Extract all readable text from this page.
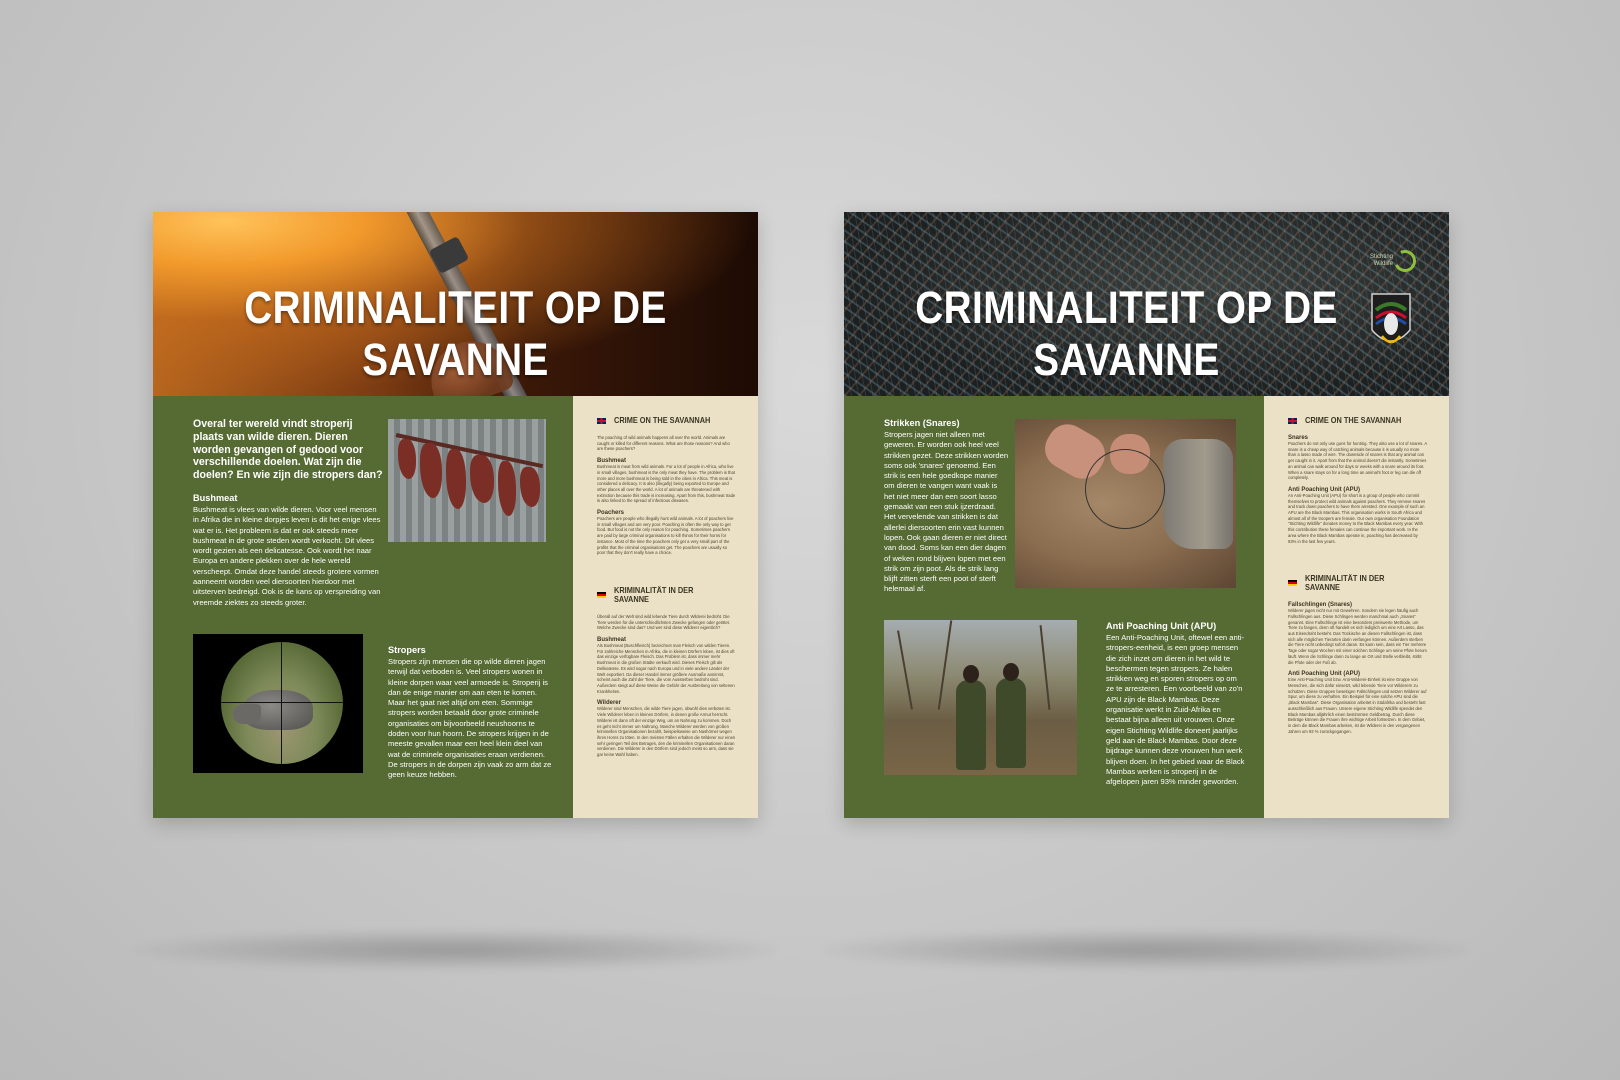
CRIMINALITEIT OP DE SAVANNE
Overal ter wereld vindt stroperij plaats van wilde dieren. Dieren worden gevangen of gedood voor verschillende doelen. Wat zijn die doelen? En wie zijn die stropers dan?
Bushmeat
Bushmeat is vlees van wilde dieren. Voor veel mensen in Afrika die in kleine dorpjes leven is dit het enige vlees wat er is. Het probleem is dat er ook steeds meer bushmeat in de grote steden wordt verkocht. Dit vlees wordt gezien als een delicatesse. Ook wordt het naar Europa en andere plekken over de hele wereld verscheept. Omdat deze handel steeds grotere vormen aanneemt worden veel diersoorten hierdoor met uitsterven bedreigd. Ook is de kans op verspreiding van vreemde ziektes zo steeds groter.
Stropers
Stropers zijn mensen die op wilde dieren jagen terwijl dat verboden is. Veel stropers wonen in kleine dorpen waar veel armoede is. Stroperij is dan de enige manier om aan eten te komen. Maar het gaat niet altijd om eten. Sommige stropers worden betaald door grote criminele organisaties om bijvoorbeeld neushoorns te doden voor hun hoorn. De stropers krijgen in de meeste gevallen maar een heel klein deel van wat de criminele organisaties eraan verdienen. De stropers in de dorpen zijn vaak zo arm dat ze geen keuze hebben.
CRIME ON THE SAVANNAH
The poaching of wild animals happens all over the world. Animals are caught or killed for different reasons. What are those reasons? And who are these poachers?
Bushmeat
Bushmeat is meat from wild animals. For a lot of people in Africa, who live in small villages, bushmeat is the only meat they have. The problem is that more and more bushmeat is being sold in the cities in Africa. This meat is considered a delicacy. It is also (illegally) being exported to Europe and other places all over the world. A lot of animals are threatened with extinction because this trade is increasing. Apart from this, bushmeat trade is also linked to the spread of infectious diseases.
Poachers
Poachers are people who illegally hunt wild animals. A lot of poachers live in small villages and are very poor. Poaching is often the only way to get food. But food is not the only reason for poaching. Sometimes poachers are paid by large criminal organisations to kill rhinos for their horns for instance. Most of the time the poachers only get a very small part of the profits that the criminal organisations get. The poachers are usually so poor that they don't really have a choice.
KRIMINALITÄT IN DER SAVANNE
Überall auf der Welt sind wild lebende Tiere durch Wilderei bedroht. Die Tiere werden für die unterschiedlichsten Zwecke gefangen oder getötet. Welche Zwecke sind das? Und wer sind diese Wilderer eigentlich?
Bushmeat
Als Bushmeat (Buschfleisch) bezeichnet man Fleisch von wilden Tieren. Für zahlreiche Menschen in Afrika, die in kleinen Dörfern leben, ist dies oft das einzige verfügbare Fleisch. Das Problem ist, dass immer mehr Bushmeat in die großen Städte verkauft wird. Dieses Fleisch gilt als Delikatesse. Es wird sogar nach Europa und in viele andere Länder der Welt exportiert. Da dieser Handel immer größere Ausmaße annimmt, scheint auch die Zahl der Tiere, die vom Aussterben bedroht sind. Außerdem steigt auf diese Weise die Gefahr der Ausbreitung von seltenen Krankheiten.
Wilderer
Wilderer sind Menschen, die wilde Tiere jagen, obwohl dies verboten ist. Viele Wilderer leben in kleinen Dörfern, in denen große Armut herrscht. Wilderei ist dann oft der einzige Weg, um an Nahrung zu kommen. Doch es geht nicht immer um Nahrung. Manche Wilderer werden von großen kriminellen Organisationen bezahlt, beispielsweise um Nashörner wegen ihres Horns zu töten. In den meisten Fällen erhalten die Wilderer nur einen sehr geringen Teil des Betrages, den die kriminellen Organisationen daran verdienen. Die Wilderer in den Dörfern sind jedoch meist so arm, dass sie gar keine Wahl haben.
CRIMINALITEIT OP DE SAVANNE
Stichting Wildlife
Strikken (Snares)
Stropers jagen niet alleen met geweren. Er worden ook heel veel strikken gezet. Deze strikken worden soms ook 'snares' genoemd. Een strik is een hele goedkope manier om dieren te vangen want vaak is het niet meer dan een soort lasso gemaakt van een stuk ijzerdraad. Het vervelende van strikken is dat allerlei diersoorten erin vast kunnen lopen. Ook gaan dieren er niet direct van dood. Soms kan een dier dagen of weken rond blijven lopen met een strik om zijn poot. Als de strik lang blijft zitten sterft een poot of sterft helemaal af.
Anti Poaching Unit (APU)
Een Anti-Poaching Unit, oftewel een anti-stropers-eenheid, is een groep mensen die zich inzet om dieren in het wild te beschermen tegen stropers. Ze halen strikken weg en sporen stropers op om ze te arresteren. Een voorbeeld van zo'n APU zijn de Black Mambas. Deze organisatie werkt in Zuid-Afrika en bestaat bijna alleen uit vrouwen. Onze eigen Stichting Wildlife doneert jaarlijks geld aan de Black Mambas. Door deze bijdrage kunnen deze vrouwen hun werk blijven doen. In het gebied waar de Black Mambas werken is stroperij in de afgelopen jaren 93% minder geworden.
CRIME ON THE SAVANNAH
Snares
Poachers do not only use guns for hunting. They also use a lot of snares. A snare is a cheap way of catching animals because it is usually no more than a lasso made of wire. The downside of snares is that any animal can get caught in it. Apart from that the animal doesn't die instantly. Sometimes an animal can walk around for days or weeks with a snare around its foot. When a snare stays on for a long time an animal's foot or leg can die off completely.
Anti Poaching Unit (APU)
An Anti-Poaching Unit (APU) for short is a group of people who commit themselves to protect wild animals against poachers. They remove snares and track down poachers to have them arrested. One example of such an APU are the Black Mambas. This organisation works in South Africa and almost all of the troopers are female. Our own organisation Foundation "Stichting Wildlife" donates money to the Black Mambas every year. With this contribution these females can continue the important work. In the area where the Black Mambas operate in, poaching has decreased by 93% in the last few years.
KRIMINALITÄT IN DER SAVANNE
Fallschlingen (Snares)
Wilderer jagen nicht nur mit Gewehren. Sondern sie legen häufig auch Fallschlingen aus. Diese Schlingen werden manchmal auch „Snares“ genannt. Eine Fallschlinge ist eine besonders preiswerte Methode, um Tiere zu fangen, denn oft handelt es sich lediglich um eine Art Lasso, das aus Eisendraht besteht. Das Tückische an diesen Fallschlingen ist, dass sich alle möglichen Tierarten darin verfangen können. Außerdem sterben die Tiere nicht unbedingt sofort daran. Es kann sein, dass ein Tier mehrere Tage oder sogar Wochen mit einer solchen Schlinge um seine Pfote herum läuft. Wenn die Schlinge dann zu lange an Ort und Stelle verbleibt, stirbt die Pfote oder der Fuß ab.
Anti Poaching Unit (APU)
Eine Anti-Poaching Unit bzw. Anti-Wilderei-Einheit ist eine Gruppe von Menschen, die sich dafür einsetzt, wild lebende Tiere vor Wilderern zu schützen. Diese Gruppen beseitigen Fallschlingen und setzen Wilderer auf Spur, um diese zu verhaften. Ein Beispiel für eine solche APU sind die „Black Mambas“. Diese Organisation arbeitet in Südafrika und besteht fast ausschließlich aus Frauen. Unsere eigene Stichting Wildlife spendet den Black Mambas alljährlich einen bestimmten Geldbetrag. Durch diese Beiträge können die Frauen ihre wichtige Arbeit fortsetzen. In dem Gebiet, in dem die Black Mambas arbeiten, ist die Wilderei in den vergangenen Jahren um 93 % zurückgegangen.
